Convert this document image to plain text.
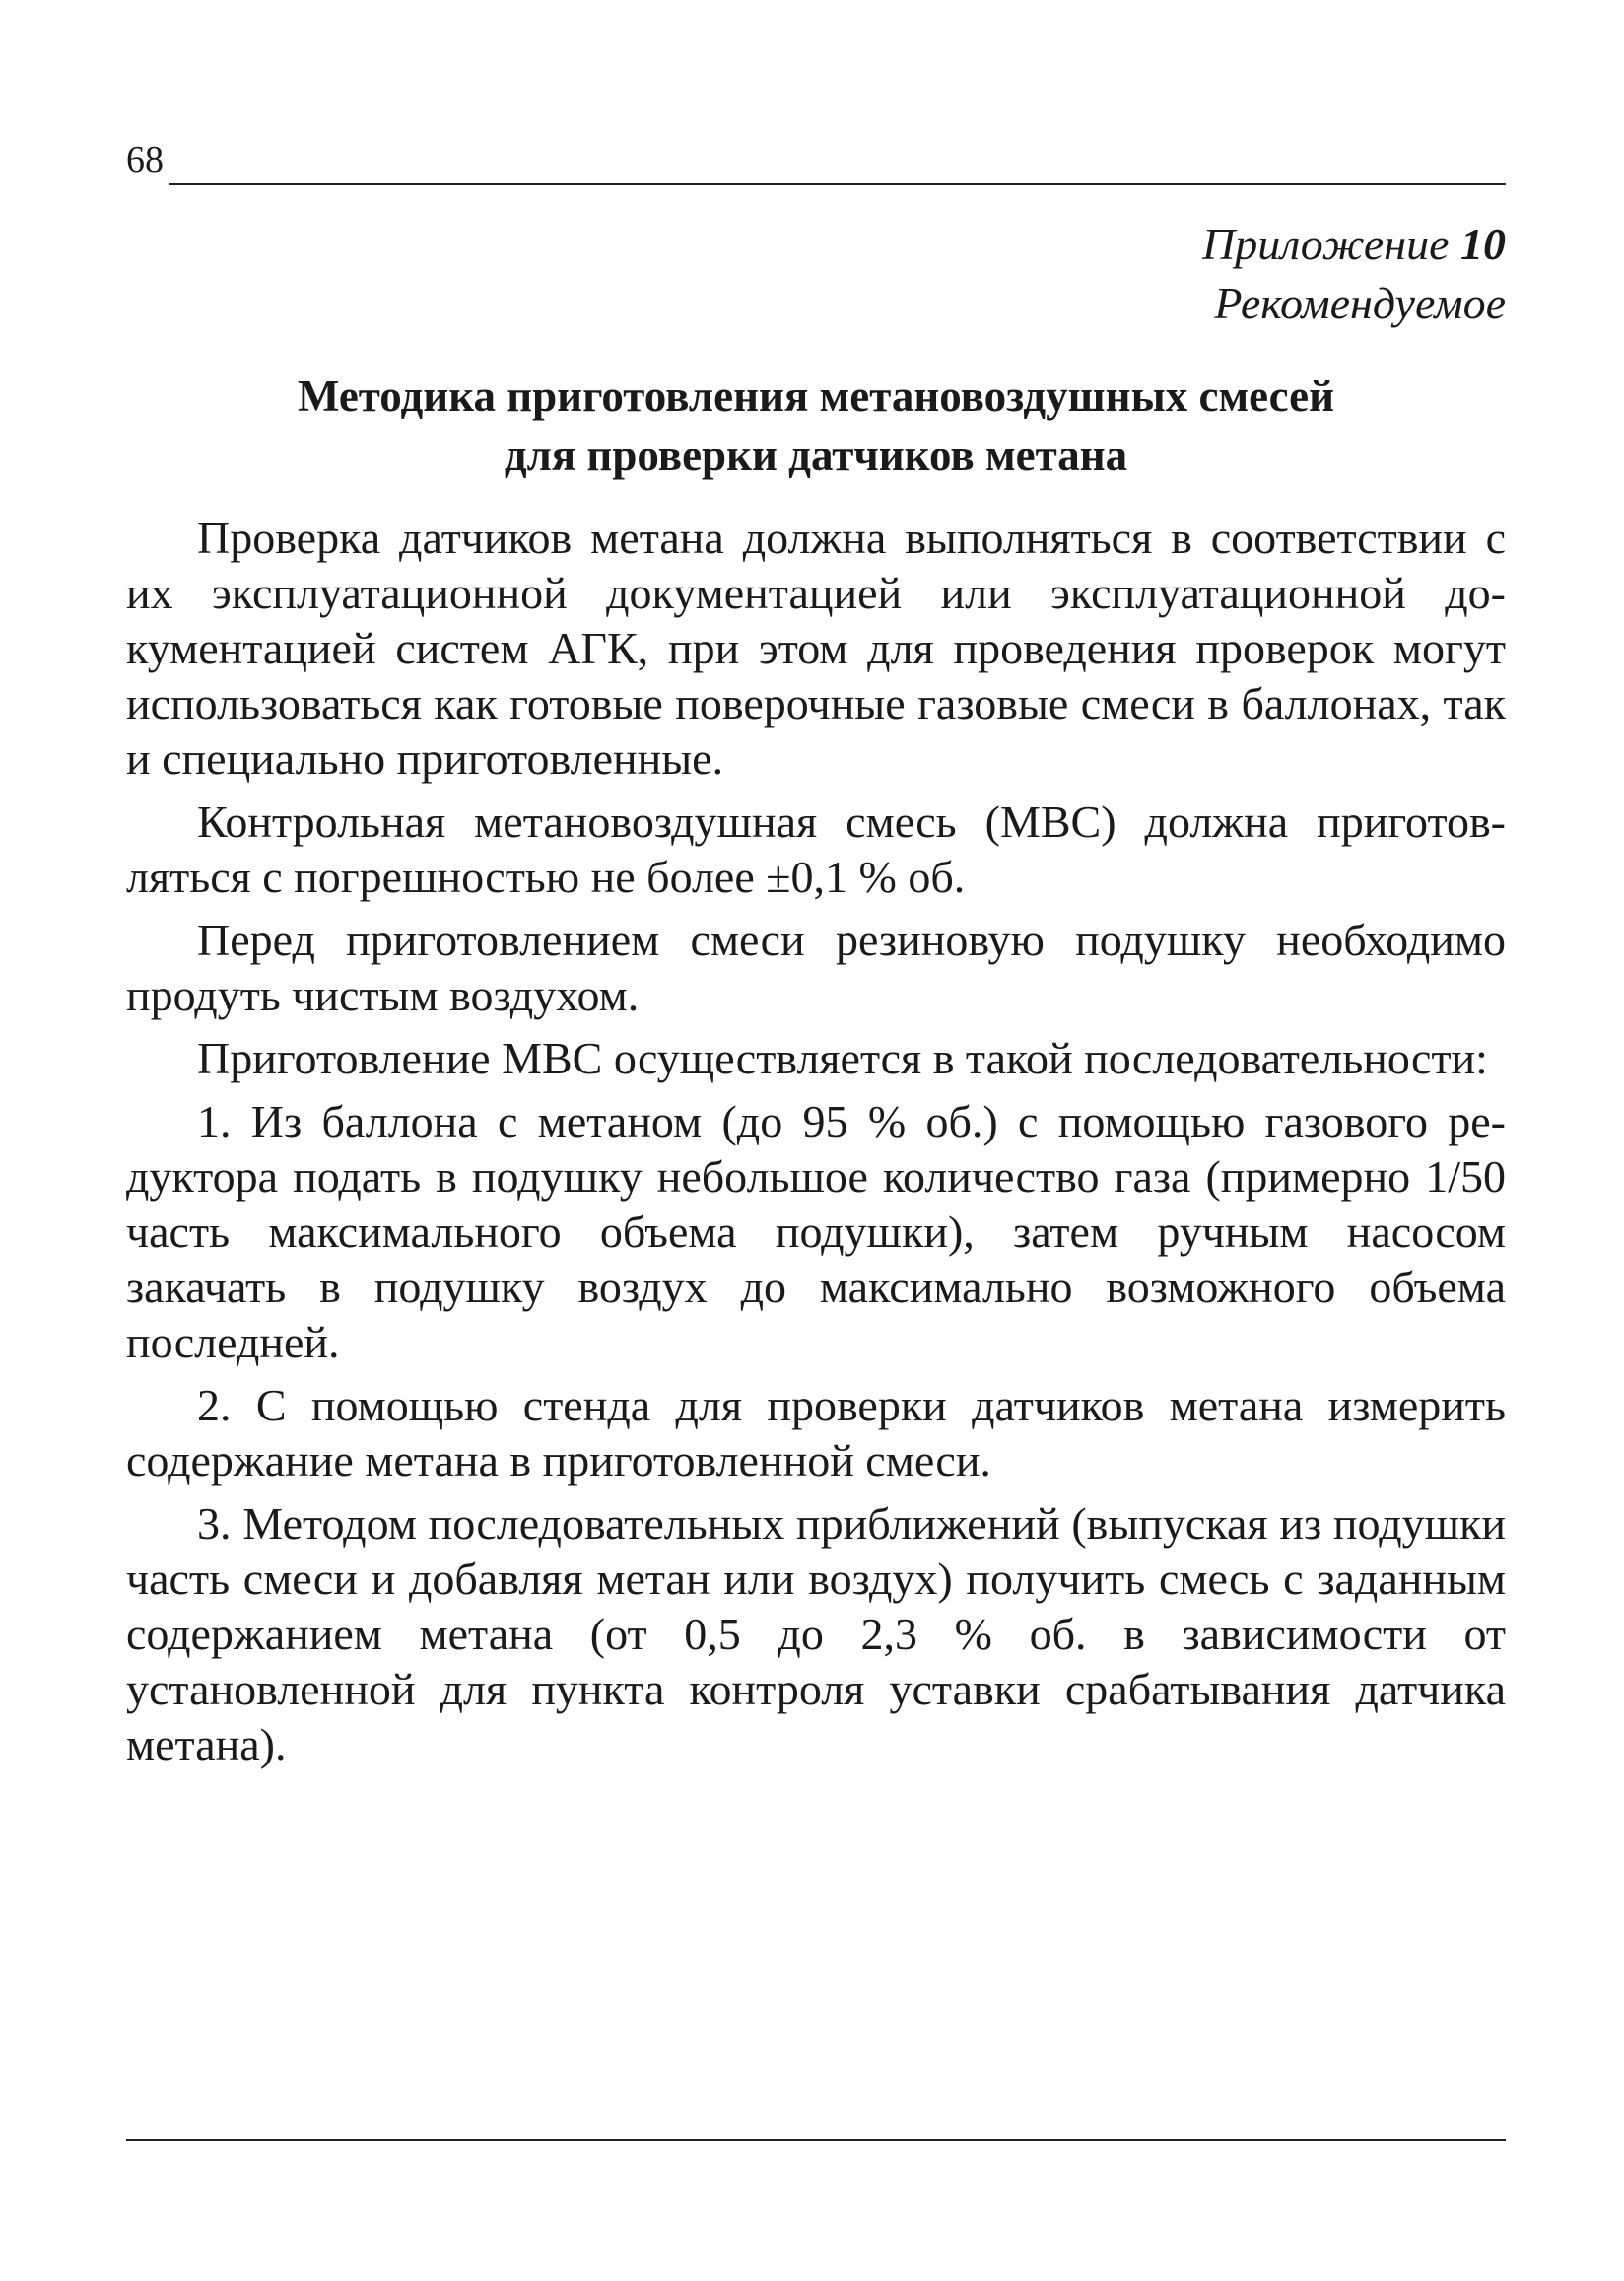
68
Приложение 10
Рекомендуемое
Методика приготовления метановоздушных смесей
для проверки датчиков метана

Проверка датчиков метана должна выполняться в соответствии с их эксплуатационной документацией или эксплуатационной документацией систем АГК, при этом для проведения проверок могут использоваться как готовые поверочные газовые смеси в баллонах, так и специально приготовленные.

Контрольная метановоздушная смесь (МВС) должна приготовляться с погрешностью не более ±0,1 % об.

Перед приготовлением смеси резиновую подушку необходимо продуть чистым воздухом.

Приготовление МВС осуществляется в такой последовательности:

1. Из баллона с метаном (до 95 % об.) с помощью газового редуктора подать в подушку небольшое количество газа (примерно 1/50 часть максимального объема подушки), затем ручным насосом закачать в подушку воздух до максимально возможного объема последней.

2. С помощью стенда для проверки датчиков метана измерить содержание метана в приготовленной смеси.

3. Методом последовательных приближений (выпуская из подушки часть смеси и добавляя метан или воздух) получить смесь с заданным содержанием метана (от 0,5 до 2,3 % об. в зависимости от установленной для пункта контроля уставки срабатывания датчика метана).
